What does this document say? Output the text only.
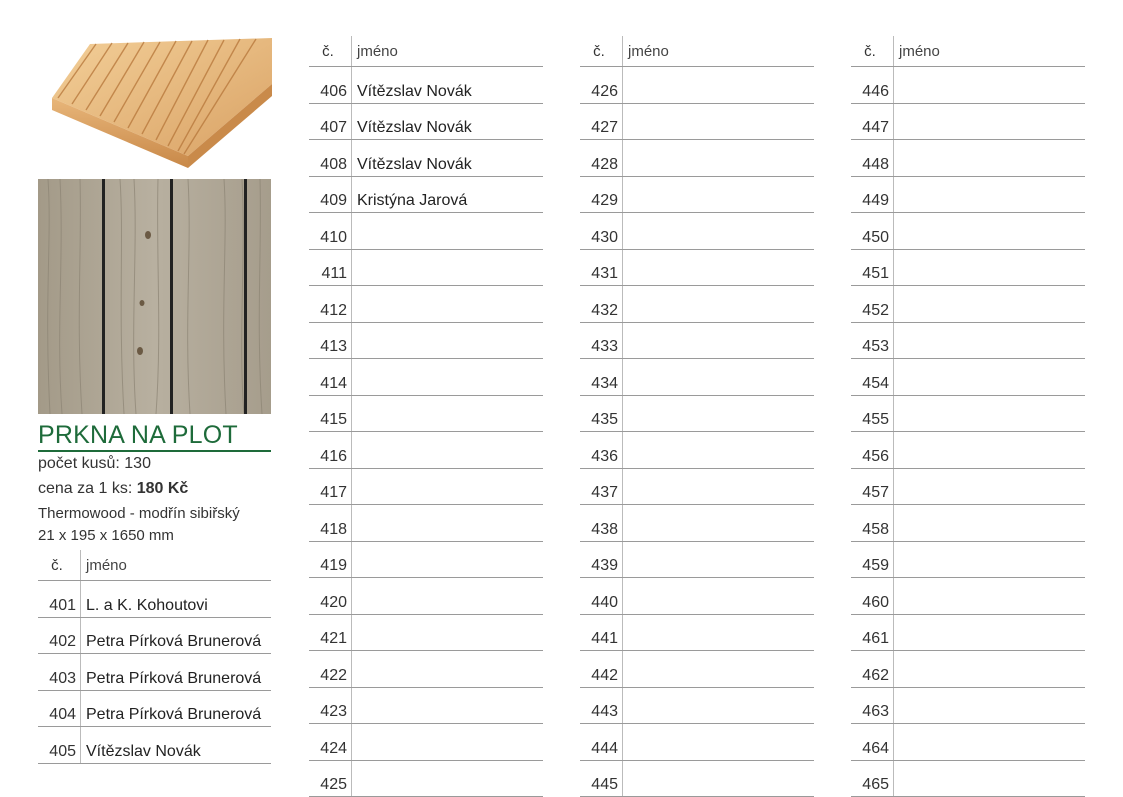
PRKNA NA PLOT
počet kusů: 130
cena za 1 ks: 180 Kč
Thermowood - modřín sibiřský
21 x 195 x 1650 mm
č.	jméno
401	L. a K. Kohoutovi
402	Petra Pírková Brunerová
403	Petra Pírková Brunerová
404	Petra Pírková Brunerová
405	Vítězslav Novák
č.	jméno
406	Vítězslav Novák
407	Vítězslav Novák
408	Vítězslav Novák
409	Kristýna Jarová
410	
411	
412	
413	
414	
415	
416	
417	
418	
419	
420	
421	
422	
423	
424	
425	
č.	jméno
426	
427	
428	
429	
430	
431	
432	
433	
434	
435	
436	
437	
438	
439	
440	
441	
442	
443	
444	
445	
č.	jméno
446	
447	
448	
449	
450	
451	
452	
453	
454	
455	
456	
457	
458	
459	
460	
461	
462	
463	
464	
465	
